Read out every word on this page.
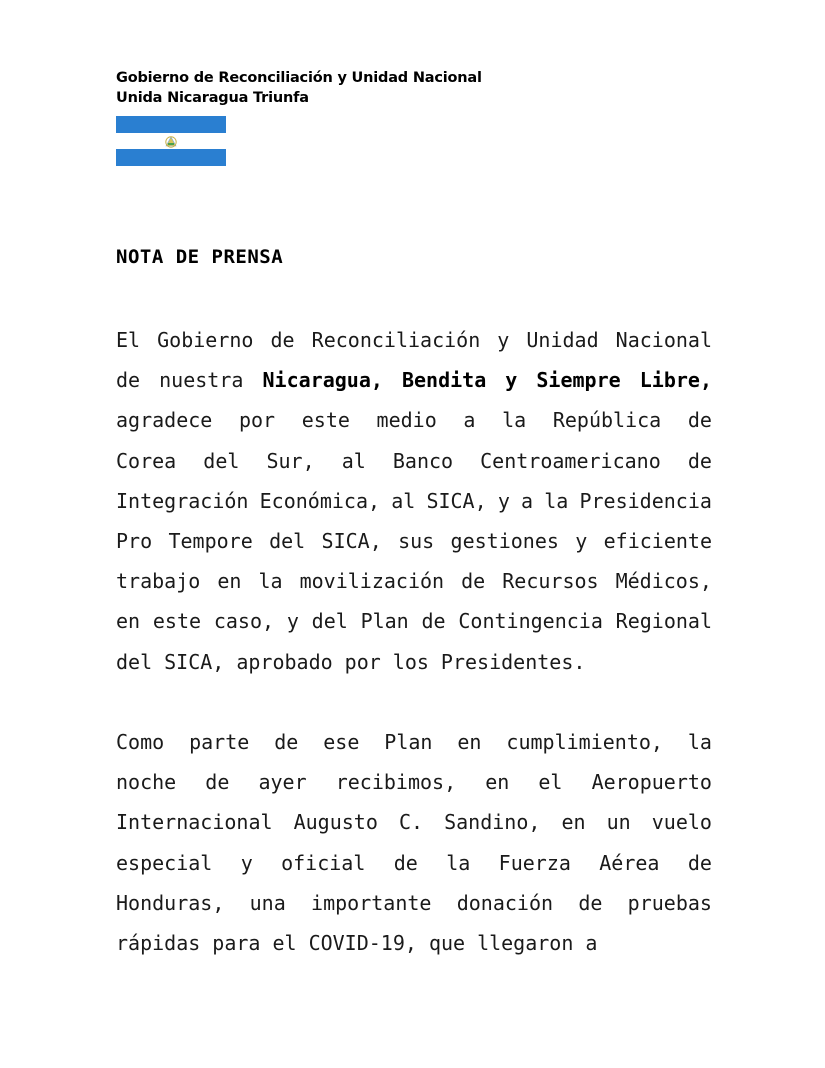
Gobierno de Reconciliación y Unidad Nacional
Unida Nicaragua Triunfa
NOTA DE PRENSA
El Gobierno de Reconciliación y Unidad Nacional
de nuestra Nicaragua, Bendita y Siempre Libre,
agradece por este medio a la República de
Corea del Sur, al Banco Centroamericano de
Integración Económica, al SICA, y a la Presidencia
Pro Tempore del SICA, sus gestiones y eficiente
trabajo en la movilización de Recursos Médicos,
en este caso, y del Plan de Contingencia Regional
del SICA, aprobado por los Presidentes.
Como parte de ese Plan en cumplimiento, la
noche de ayer recibimos, en el Aeropuerto
Internacional Augusto C. Sandino, en un vuelo
especial y oficial de la Fuerza Aérea de
Honduras, una importante donación de pruebas
rápidas para el COVID-19, que llegaron a
